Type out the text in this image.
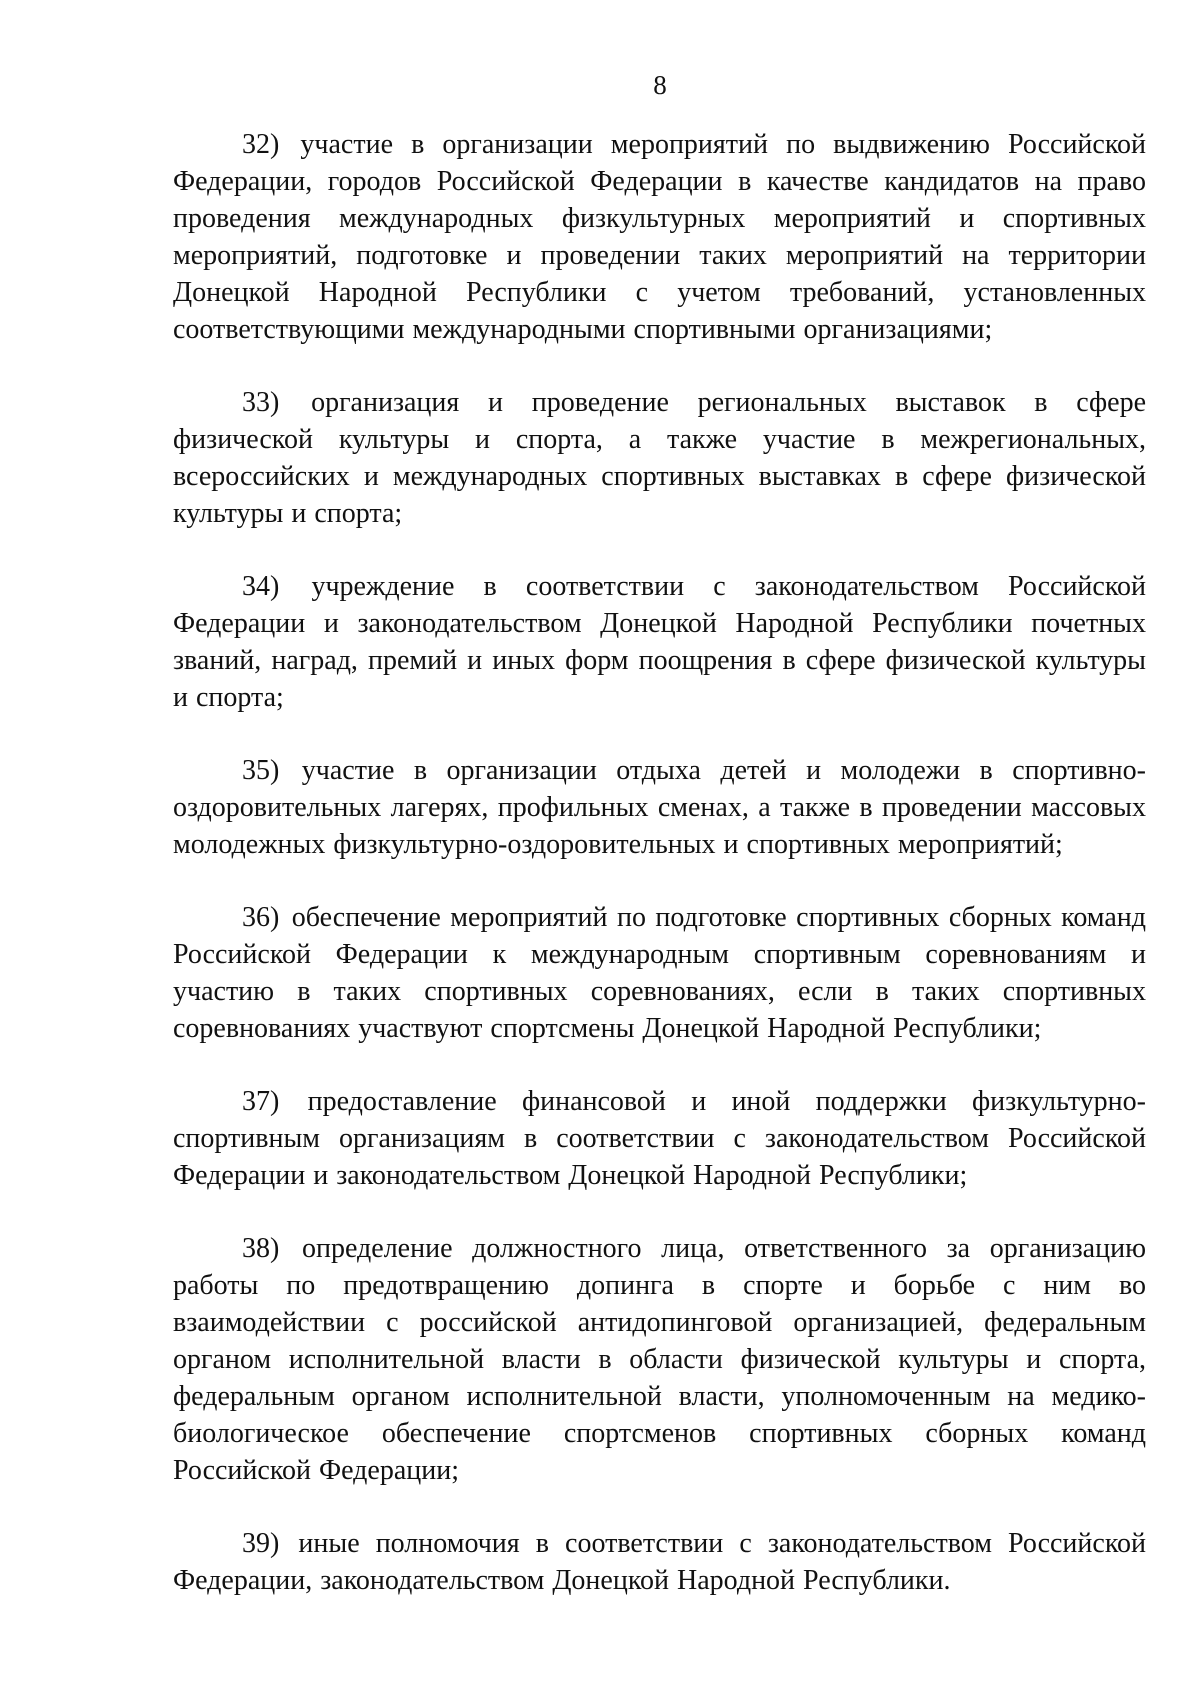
8

32) участие в организации мероприятий по выдвижению Российской Федерации, городов Российской Федерации в качестве кандидатов на право проведения международных физкультурных мероприятий и спортивных мероприятий, подготовке и проведении таких мероприятий на территории Донецкой Народной Республики с учетом требований, установленных соответствующими международными спортивными организациями;

33) организация и проведение региональных выставок в сфере физической культуры и спорта, а также участие в межрегиональных, всероссийских и международных спортивных выставках в сфере физической культуры и спорта;

34) учреждение в соответствии с законодательством Российской Федерации и законодательством Донецкой Народной Республики почетных званий, наград, премий и иных форм поощрения в сфере физической культуры и спорта;

35) участие в организации отдыха детей и молодежи в спортивно-оздоровительных лагерях, профильных сменах, а также в проведении массовых молодежных физкультурно-оздоровительных и спортивных мероприятий;

36) обеспечение мероприятий по подготовке спортивных сборных команд Российской Федерации к международным спортивным соревнованиям и участию в таких спортивных соревнованиях, если в таких спортивных соревнованиях участвуют спортсмены Донецкой Народной Республики;

37) предоставление финансовой и иной поддержки физкультурно-спортивным организациям в соответствии с законодательством Российской Федерации и законодательством Донецкой Народной Республики;

38) определение должностного лица, ответственного за организацию работы по предотвращению допинга в спорте и борьбе с ним во взаимодействии с российской антидопинговой организацией, федеральным органом исполнительной власти в области физической культуры и спорта, федеральным органом исполнительной власти, уполномоченным на медико-биологическое обеспечение спортсменов спортивных сборных команд Российской Федерации;

39) иные полномочия в соответствии с законодательством Российской Федерации, законодательством Донецкой Народной Республики.
